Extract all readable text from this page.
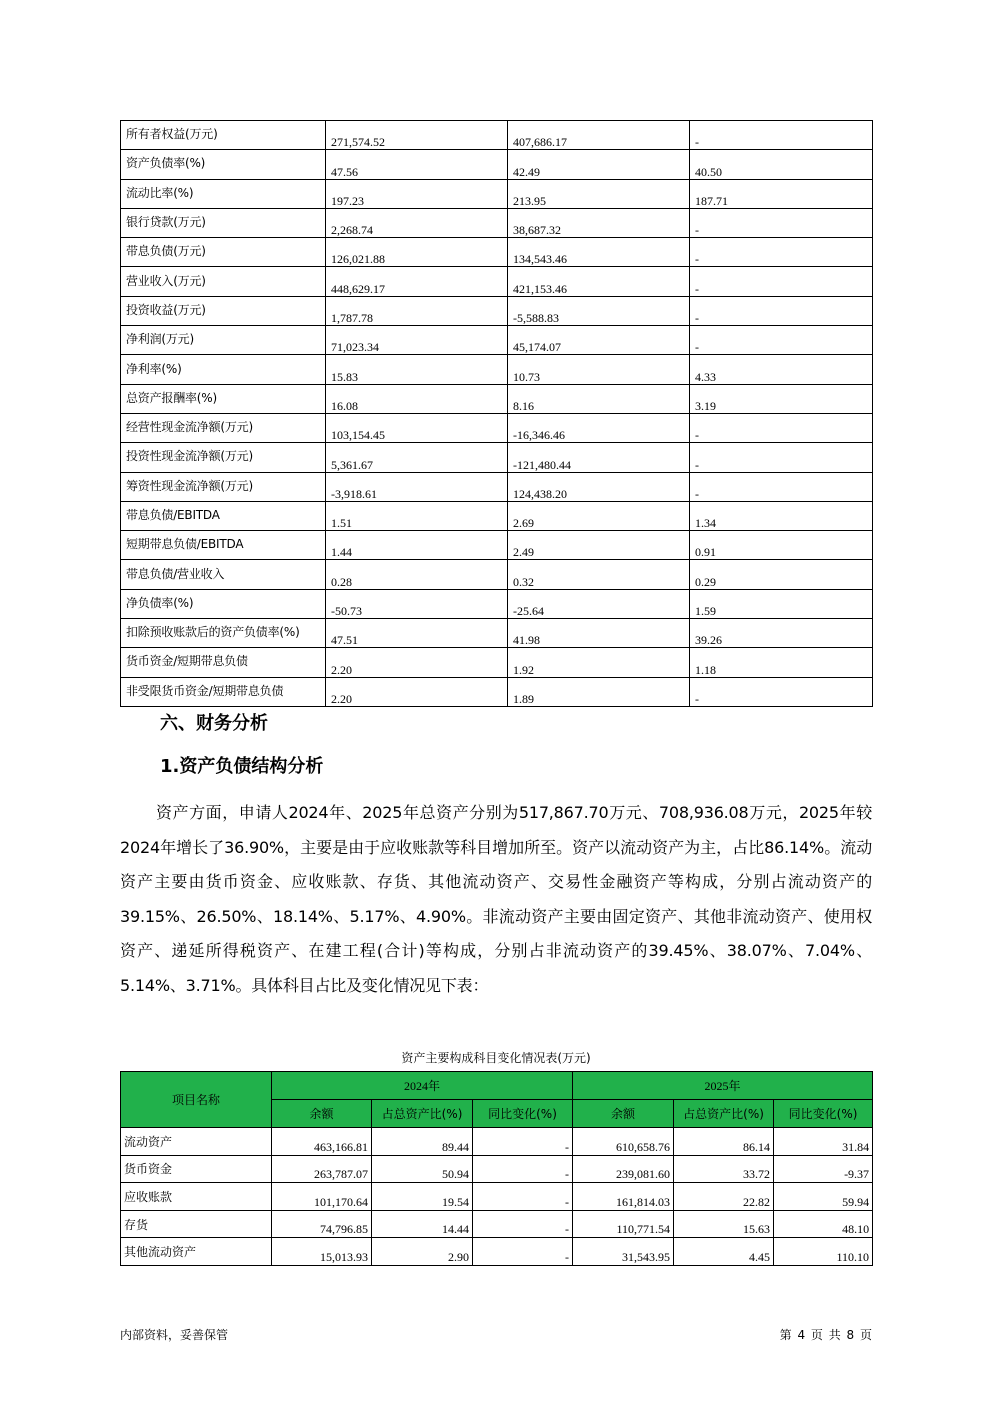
所有者权益(万元)	271,574.52	407,686.17	-
资产负债率(%)	47.56	42.49	40.50
流动比率(%)	197.23	213.95	187.71
银行贷款(万元)	2,268.74	38,687.32	-
带息负债(万元)	126,021.88	134,543.46	-
营业收入(万元)	448,629.17	421,153.46	-
投资收益(万元)	1,787.78	-5,588.83	-
净利润(万元)	71,023.34	45,174.07	-
净利率(%)	15.83	10.73	4.33
总资产报酬率(%)	16.08	8.16	3.19
经营性现金流净额(万元)	103,154.45	-16,346.46	-
投资性现金流净额(万元)	5,361.67	-121,480.44	-
筹资性现金流净额(万元)	-3,918.61	124,438.20	-
带息负债/EBITDA	1.51	2.69	1.34
短期带息负债/EBITDA	1.44	2.49	0.91
带息负债/营业收入	0.28	0.32	0.29
净负债率(%)	-50.73	-25.64	1.59
扣除预收账款后的资产负债率(%)	47.51	41.98	39.26
货币资金/短期带息负债	2.20	1.92	1.18
非受限货币资金/短期带息负债	2.20	1.89	-
六、财务分析
1.资产负债结构分析

资产方面，申请人2024年、2025年总资产分别为517,867.70万元、708,936.08万元，2025年较2024年增长了36.90%，主要是由于应收账款等科目增加所至。资产以流动资产为主，占比86.14%。流动资产主要由货币资金、应收账款、存货、其他流动资产、交易性金融资产等构成，分别占流动资产的39.15%、26.50%、18.14%、5.17%、4.90%。非流动资产主要由固定资产、其他非流动资产、使用权资产、递延所得税资产、在建工程(合计)等构成，分别占非流动资产的39.45%、38.07%、7.04%、5.14%、3.71%。具体科目占比及变化情况见下表：

资产主要构成科目变化情况表(万元)
项目名称	2024年			2025年		
	余额	占总资产比(%)	同比变化(%)	余额	占总资产比(%)	同比变化(%)
流动资产	463,166.81	89.44	-	610,658.76	86.14	31.84
货币资金	263,787.07	50.94	-	239,081.60	33.72	-9.37
应收账款	101,170.64	19.54	-	161,814.03	22.82	59.94
存货	74,796.85	14.44	-	110,771.54	15.63	48.10
其他流动资产	15,013.93	2.90	-	31,543.95	4.45	110.10
内部资料，妥善保管	第 4 页 共 8 页
